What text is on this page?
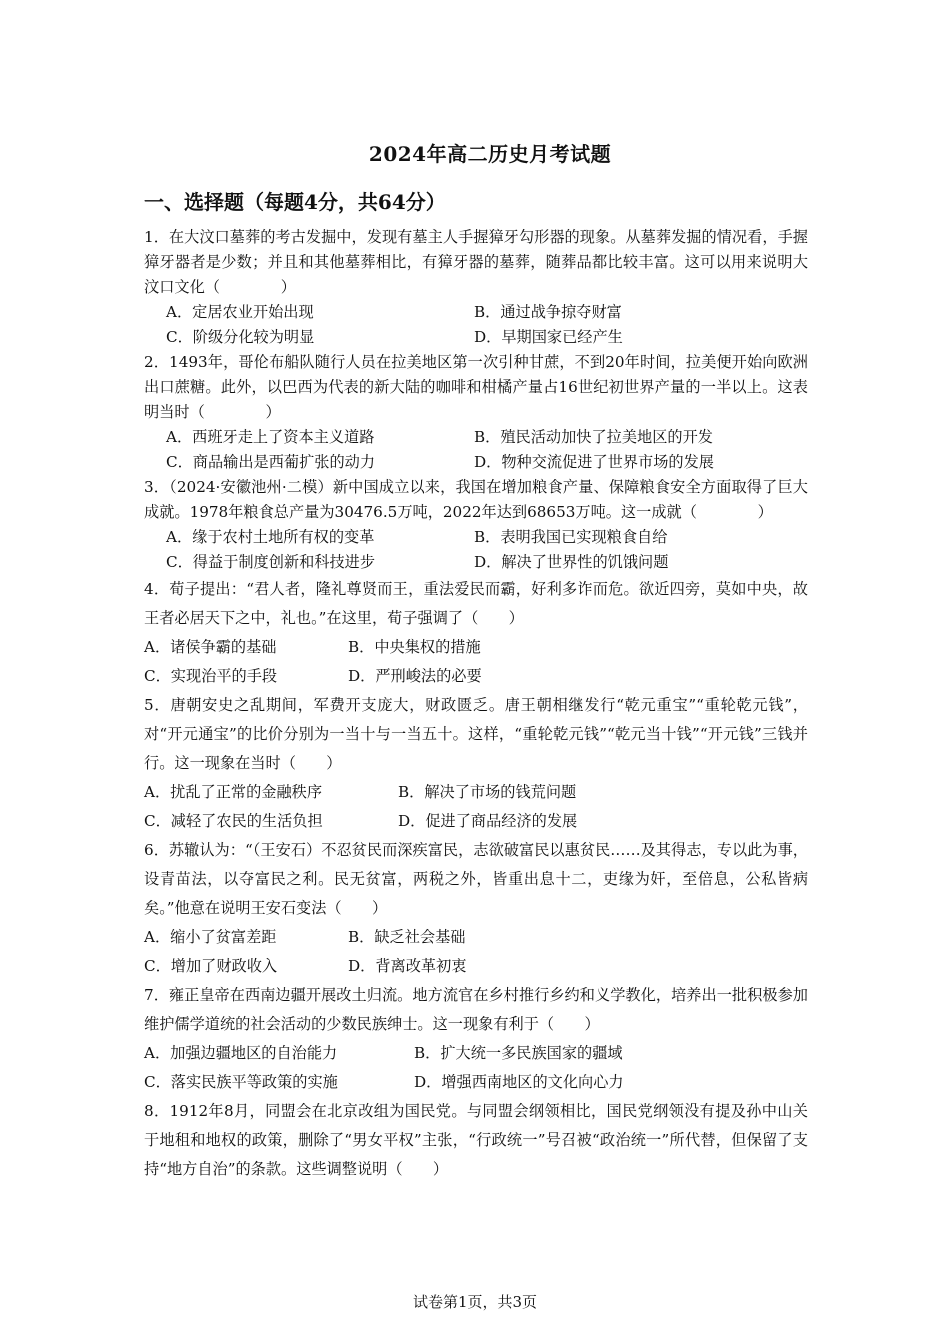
2024年高二历史月考试题
一、选择题（每题4分，共64分）
1．在大汶口墓葬的考古发掘中，发现有墓主人手握獐牙勾形器的现象。从墓葬发掘的情况看，手握獐牙器者是少数；并且和其他墓葬相比，有獐牙器的墓葬，随葬品都比较丰富。这可以用来说明大汶口文化（　　　　）
A．定居农业开始出现	B．通过战争掠夺财富
C．阶级分化较为明显	D．早期国家已经产生
2．1493年，哥伦布船队随行人员在拉美地区第一次引种甘蔗，不到20年时间，拉美便开始向欧洲出口蔗糖。此外，以巴西为代表的新大陆的咖啡和柑橘产量占16世纪初世界产量的一半以上。这表明当时（　　　　）
A．西班牙走上了资本主义道路	B．殖民活动加快了拉美地区的开发
C．商品输出是西葡扩张的动力	D．物种交流促进了世界市场的发展
3．（2024·安徽池州·二模）新中国成立以来，我国在增加粮食产量、保障粮食安全方面取得了巨大成就。1978年粮食总产量为30476.5万吨，2022年达到68653万吨。这一成就（　　　　）
A．缘于农村土地所有权的变革	B．表明我国已实现粮食自给
C．得益于制度创新和科技进步	D．解决了世界性的饥饿问题
4．荀子提出：“君人者，隆礼尊贤而王，重法爱民而霸，好利多诈而危。欲近四旁，莫如中央，故王者必居天下之中，礼也。”在这里，荀子强调了（　　）
A．诸侯争霸的基础	B．中央集权的措施
C．实现治平的手段	D．严刑峻法的必要
5．唐朝安史之乱期间，军费开支庞大，财政匮乏。唐王朝相继发行“乾元重宝”“重轮乾元钱”，对“开元通宝”的比价分别为一当十与一当五十。这样，“重轮乾元钱”“乾元当十钱”“开元钱”三钱并行。这一现象在当时（　　）
A．扰乱了正常的金融秩序	B．解决了市场的钱荒问题
C．减轻了农民的生活负担	D．促进了商品经济的发展
6．苏辙认为：“（王安石）不忍贫民而深疾富民，志欲破富民以惠贫民……及其得志，专以此为事，设青苗法，以夺富民之利。民无贫富，两税之外，皆重出息十二，吏缘为奸，至倍息，公私皆病矣。”他意在说明王安石变法（　　）
A．缩小了贫富差距	B．缺乏社会基础
C．增加了财政收入	D．背离改革初衷
7．雍正皇帝在西南边疆开展改土归流。地方流官在乡村推行乡约和义学教化，培养出一批积极参加维护儒学道统的社会活动的少数民族绅士。这一现象有利于（　　）
A．加强边疆地区的自治能力	B．扩大统一多民族国家的疆域
C．落实民族平等政策的实施	D．增强西南地区的文化向心力
8．1912年8月，同盟会在北京改组为国民党。与同盟会纲领相比，国民党纲领没有提及孙中山关于地租和地权的政策，删除了“男女平权”主张，“行政统一”号召被“政治统一”所代替，但保留了支持“地方自治”的条款。这些调整说明（　　）
试卷第1页，共3页
